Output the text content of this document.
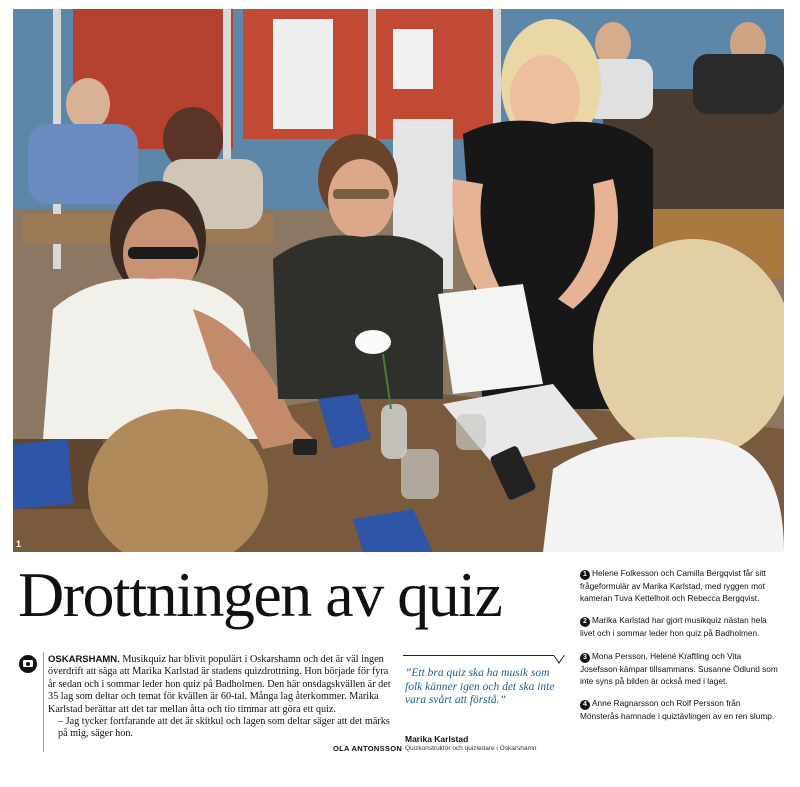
1
Drottningen av quiz
OSKARSHAMN. Musikquiz har blivit populärt i Oskarshamn och det är väl ingen överdrift att säga att Marika Karlstad är stadens quizdrottning. Hon började för fyra år sedan och i sommar leder hon quiz på Badholmen. Den här onsdagskvällen är det 35 lag som deltar och temat för kvällen är 60-tal. Många lag återkommer. Marika Karlstad berättar att det tar mellan åtta och tio timmar att göra ett quiz.
– Jag tycker fortfarande att det är skitkul och lagen som deltar säger att det märks på mig, säger hon.
OLA ANTONSSON
”Ett bra quiz ska ha musik som folk känner igen och det ska inte vara svårt att förstå.”
Marika Karlstad
Quizkonstruktör och quizledare i Oskarshamn
1 Helene Folkesson och Camilla Bergqvist får sitt frågeformulär av Marika Karlstad, med ryggen mot kameran Tuva Kettelhoit och Rebecca Bergqvist.
2 Marika Karlstad har gjort musikquiz nästan hela livet och i sommar leder hon quiz på Badholmen.
3 Mona Persson, Helené Kraftling och Vita Josefsson kämpar tillsammans. Susanne Ödlund som inte syns på bilden är också med i laget.
4 Anne Ragnarsson och Rolf Persson från Mönsterås hamnade i quiztävlingen av en ren slump.
